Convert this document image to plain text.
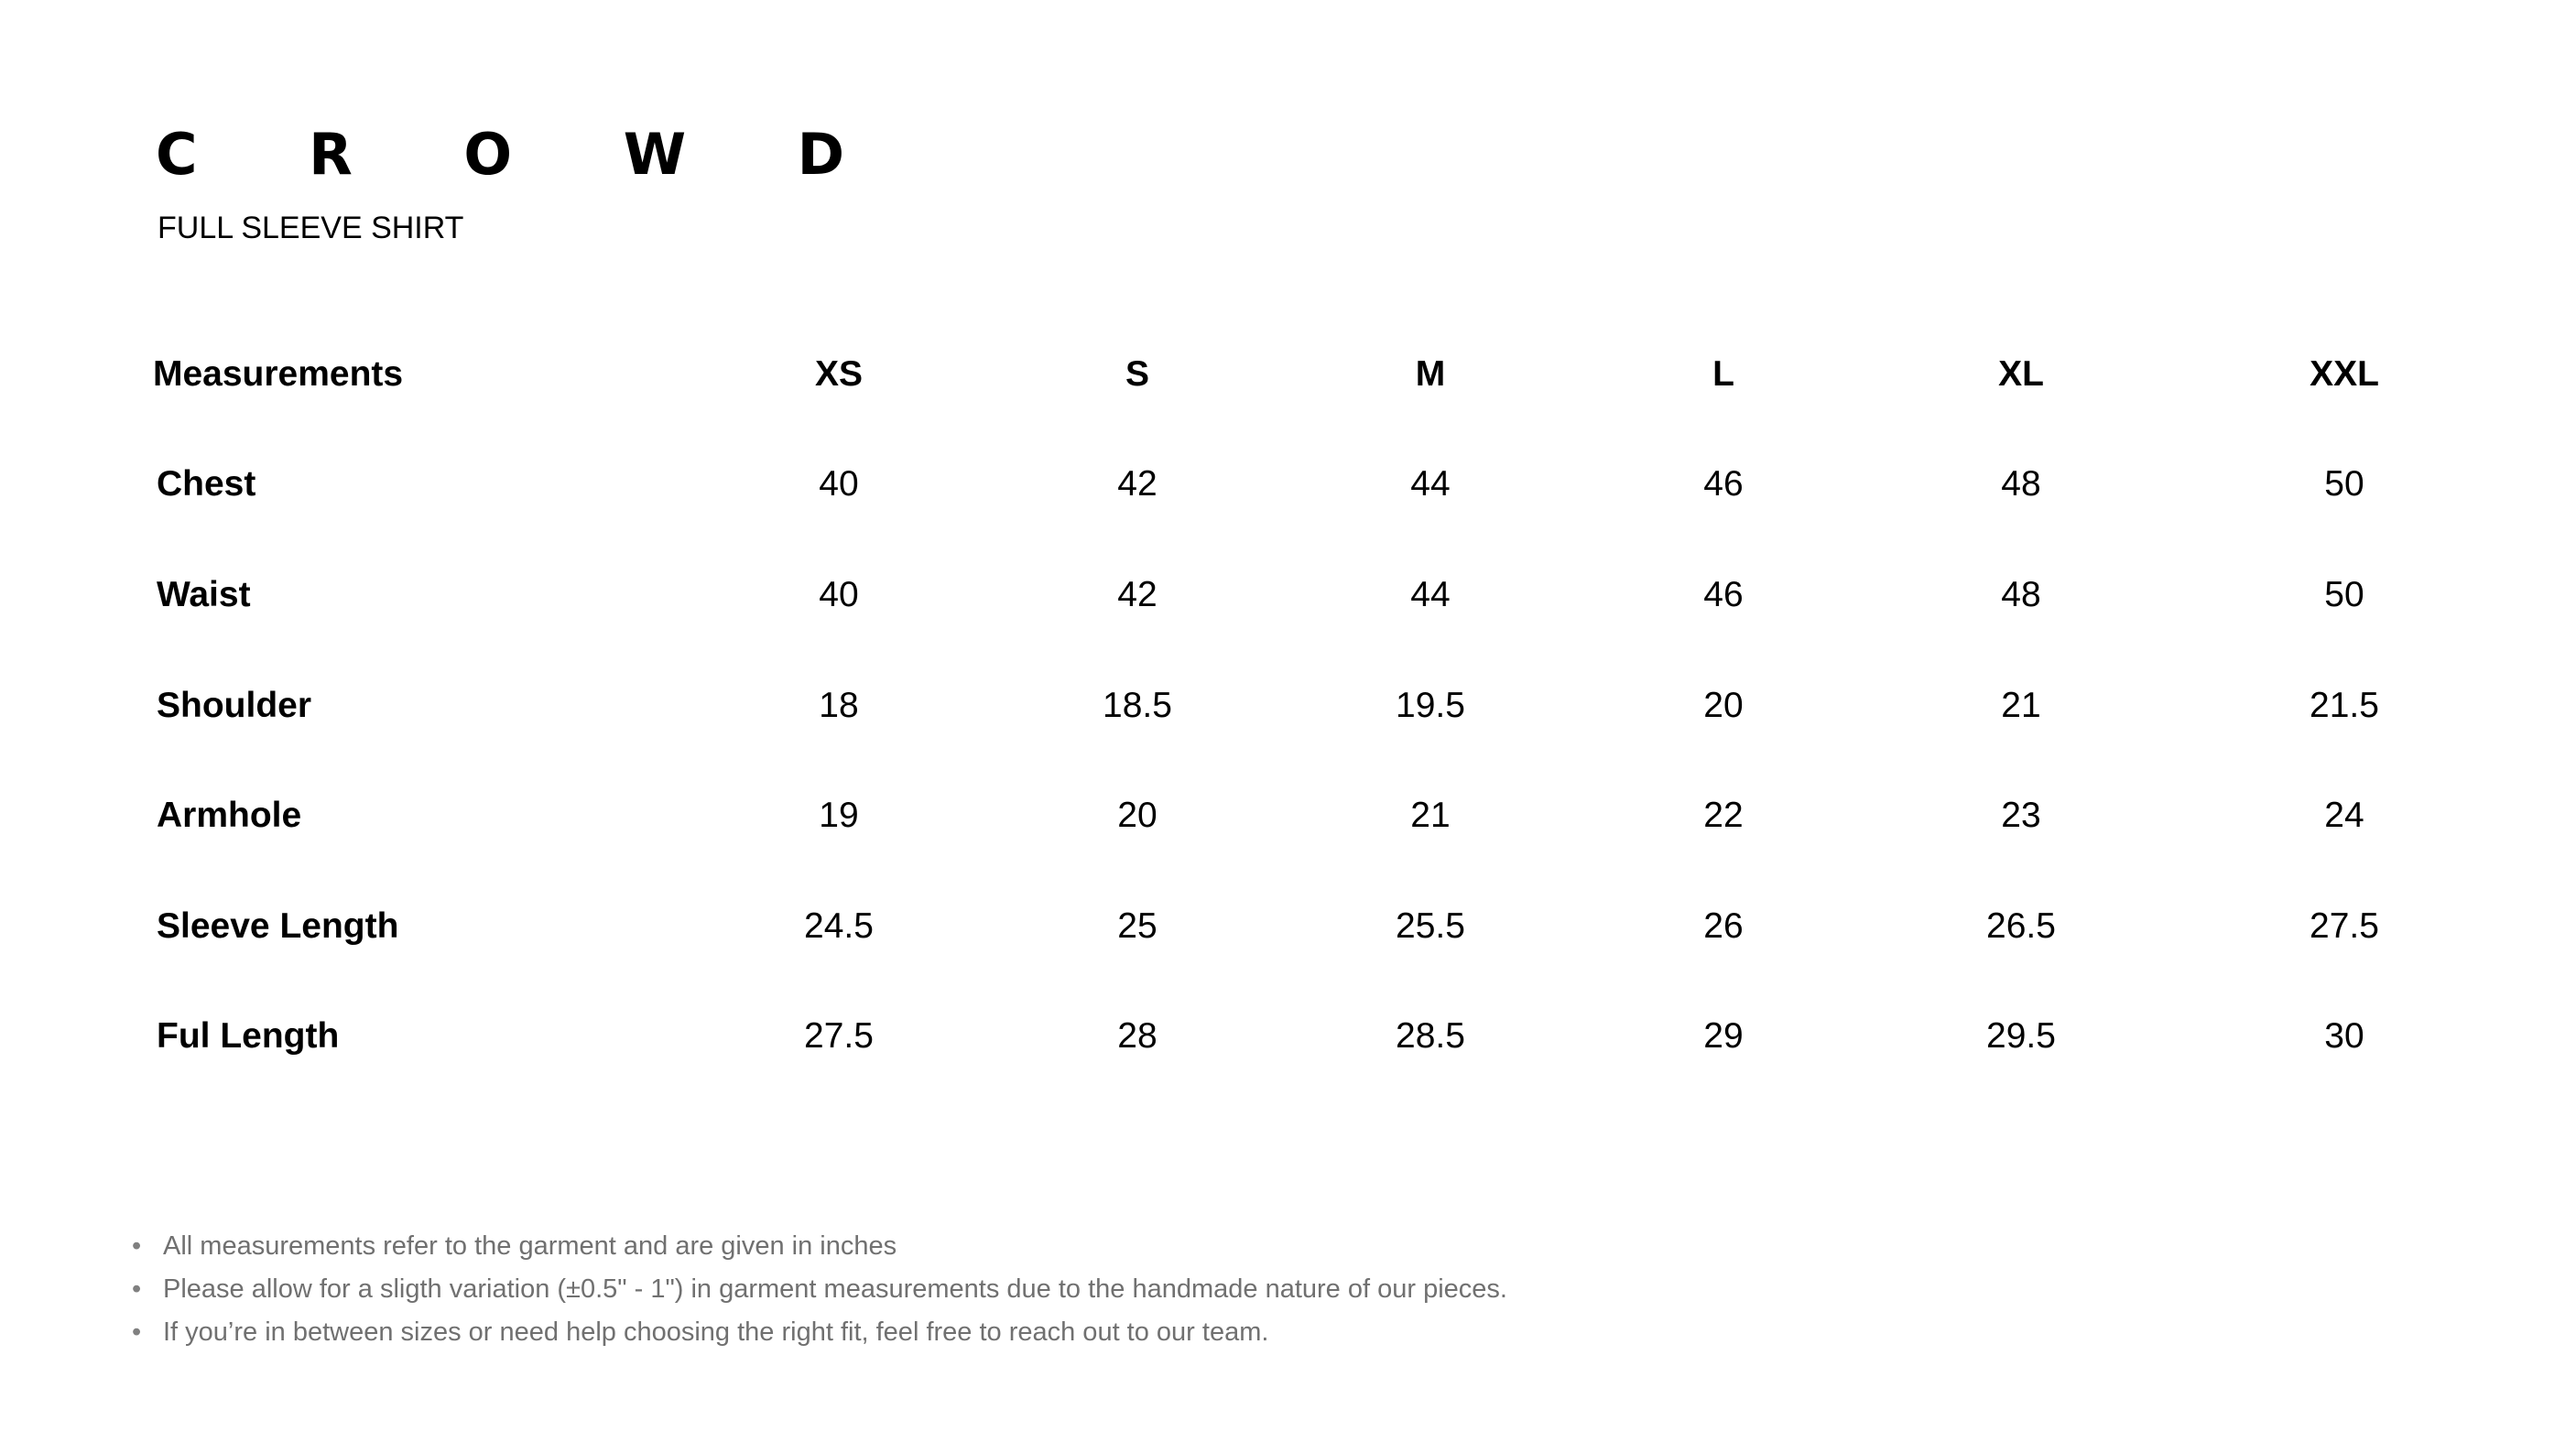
C R O W D
FULL SLEEVE SHIRT
Measurements	XS	S	M	L	XL	XXL
Chest	40	42	44	46	48	50
Waist	40	42	44	46	48	50
Shoulder	18	18.5	19.5	20	21	21.5
Armhole	19	20	21	22	23	24
Sleeve Length	24.5	25	25.5	26	26.5	27.5
Ful Length	27.5	28	28.5	29	29.5	30
• All measurements refer to the garment and are given in inches
• Please allow for a sligth variation (±0.5" - 1") in garment measurements due to the handmade nature of our pieces.
• If you’re in between sizes or need help choosing the right fit, feel free to reach out to our team.
